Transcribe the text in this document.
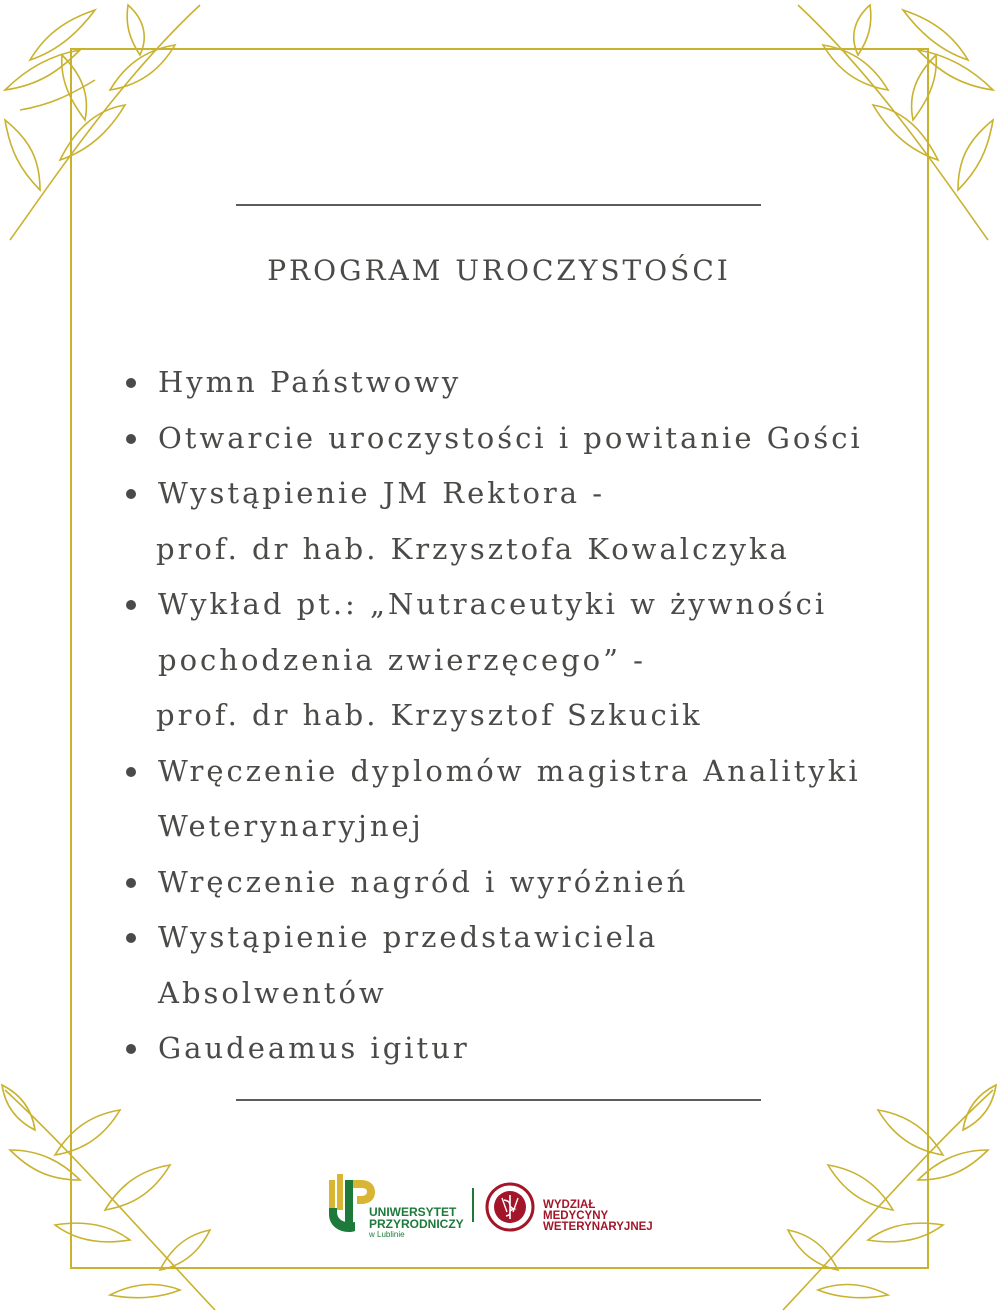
PROGRAM UROCZYSTOŚCI
Hymn Państwowy
Otwarcie uroczystości i powitanie Gości
Wystąpienie JM Rektora -
prof. dr hab. Krzysztofa Kowalczyka
Wykład pt.: „Nutraceutyki w żywności
pochodzenia zwierzęcego” -
prof. dr hab. Krzysztof Szkucik
Wręczenie dyplomów magistra Analityki
Weterynaryjnej
Wręczenie nagród i wyróżnień
Wystąpienie przedstawiciela
Absolwentów
Gaudeamus igitur
UNIWERSYTET
PRZYRODNICZY
w Lublinie
WYDZIAŁ
MEDYCYNY
WETERYNARYJNEJ
